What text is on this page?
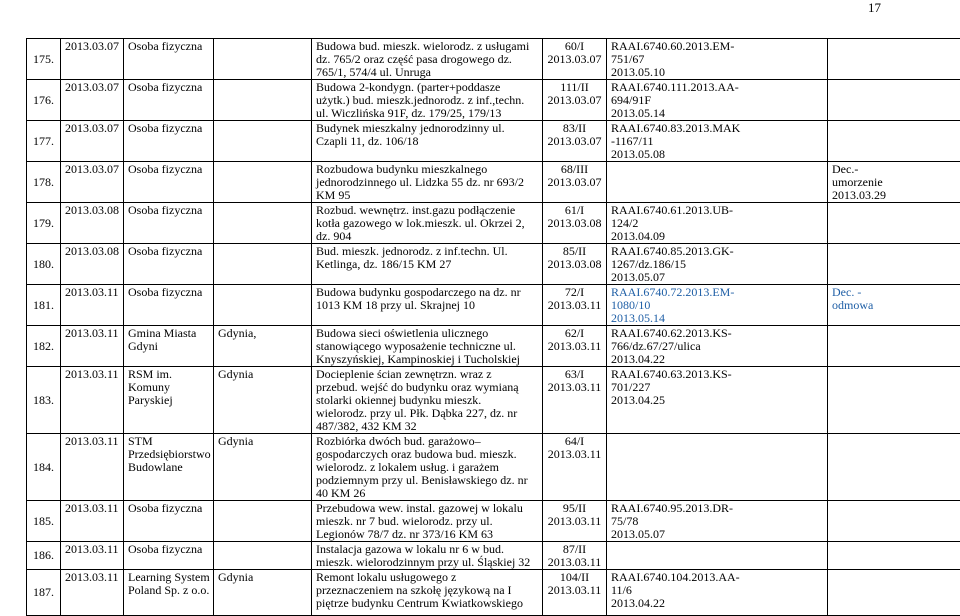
17
175.	2013.03.07	Osoba fizyczna		Budowa bud. mieszk. wielorodz. z usługami
dz. 765/2 oraz część pasa drogowego dz.
765/1, 574/4 ul. Unruga	60/I
2013.03.07	RAAI.6740.60.2013.EM-
751/67
2013.05.10	

176.	2013.03.07	Osoba fizyczna		Budowa 2-kondygn. (parter+poddasze
użytk.) bud. mieszk.jednorodz. z inf.,techn.
ul. Wiczlińska 91F, dz. 179/25, 179/13	111/II
2013.03.07	RAAI.6740.111.2013.AA-
694/91F
2013.05.14	

177.	2013.03.07	Osoba fizyczna		Budynek mieszkalny jednorodzinny ul.
Czapli 11, dz. 106/18	83/II
2013.03.07	RAAI.6740.83.2013.MAK
-1167/11
2013.05.08	

178.	2013.03.07	Osoba fizyczna		Rozbudowa budynku mieszkalnego
jednorodzinnego ul. Lidzka 55 dz. nr 693/2
KM 95	68/III
2013.03.07		Dec.-
umorzenie
2013.03.29

179.	2013.03.08	Osoba fizyczna		Rozbud. wewnętrz. inst.gazu podłączenie
kotła gazowego w lok.mieszk. ul. Okrzei 2,
dz. 904	61/I
2013.03.08	RAAI.6740.61.2013.UB-
124/2
2013.04.09	

180.	2013.03.08	Osoba fizyczna		Bud. mieszk. jednorodz. z inf.techn. Ul.
Ketlinga, dz. 186/15 KM 27	85/II
2013.03.08	RAAI.6740.85.2013.GK-
1267/dz.186/15
2013.05.07	

181.	2013.03.11	Osoba fizyczna		Budowa budynku gospodarczego na dz. nr
1013 KM 18 przy ul. Skrajnej 10	72/I
2013.03.11	RAAI.6740.72.2013.EM-
1080/10
2013.05.14	Dec. -
odmowa

182.	2013.03.11	Gmina Miasta
Gdyni	Gdynia,	Budowa sieci oświetlenia ulicznego
stanowiącego wyposażenie techniczne ul.
Knyszyńskiej, Kampinoskiej i Tucholskiej	62/I
2013.03.11	RAAI.6740.62.2013.KS-
766/dz.67/27/ulica
2013.04.22	

183.	2013.03.11	RSM im.
Komuny
Paryskiej	Gdynia	Docieplenie ścian zewnętrzn. wraz z
przebud. wejść do budynku oraz wymianą
stolarki okiennej budynku mieszk.
wielorodz. przy ul. Płk. Dąbka 227, dz. nr
487/382, 432 KM 32	63/I
2013.03.11	RAAI.6740.63.2013.KS-
701/227
2013.04.25	

184.	2013.03.11	STM
Przedsiębiorstwo
Budowlane	Gdynia	Rozbiórka dwóch bud. garażowo–
gospodarczych oraz budowa bud. mieszk.
wielorodz. z lokalem usług. i garażem
podziemnym przy ul. Benisławskiego dz. nr
40 KM 26	64/I
2013.03.11		

185.	2013.03.11	Osoba fizyczna		Przebudowa wew. instal. gazowej w lokalu
mieszk. nr 7 bud. wielorodz. przy ul.
Legionów 78/7 dz. nr 373/16 KM 63	95/II
2013.03.11	RAAI.6740.95.2013.DR-
75/78
2013.05.07	

186.	2013.03.11	Osoba fizyczna		Instalacja gazowa w lokalu nr 6 w bud.
mieszk. wielorodzinnym przy ul. Śląskiej 32	87/II
2013.03.11		

187.	2013.03.11	Learning System
Poland Sp. z o.o.	Gdynia	Remont lokalu usługowego z
przeznaczeniem na szkołę językową na I
piętrze budynku Centrum Kwiatkowskiego	104/II
2013.03.11	RAAI.6740.104.2013.AA-
11/6
2013.04.22	
